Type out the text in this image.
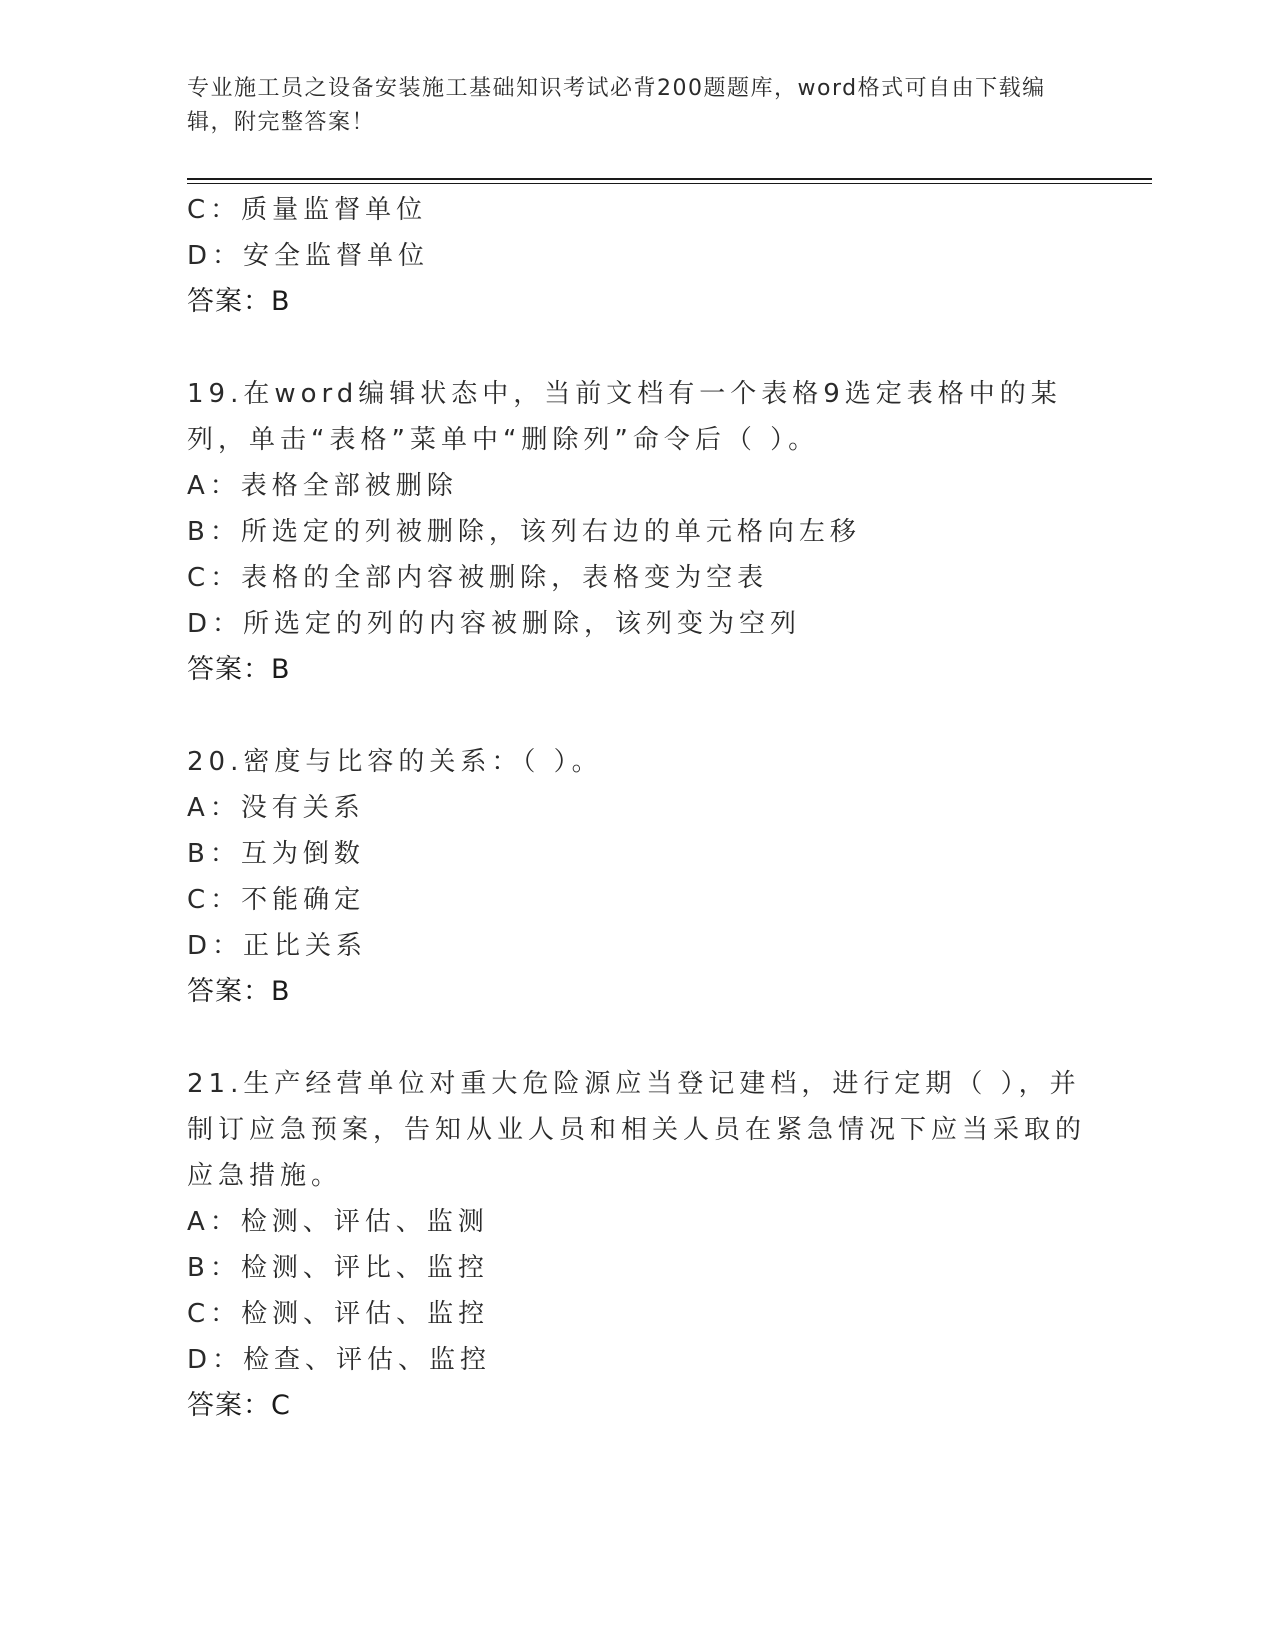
专业施工员之设备安装施工基础知识考试必背200题题库，word格式可自由下载编辑，附完整答案！
C：质量监督单位
D：安全监督单位
答案：B
19.在word编辑状态中，当前文档有一个表格9选定表格中的某列，单击“表格”菜单中“删除列”命令后（ ）。
A：表格全部被删除
B：所选定的列被删除，该列右边的单元格向左移
C：表格的全部内容被删除，表格变为空表
D：所选定的列的内容被删除，该列变为空列
答案：B
20.密度与比容的关系：（ ）。
A：没有关系
B：互为倒数
C：不能确定
D：正比关系
答案：B
21.生产经营单位对重大危险源应当登记建档，进行定期（ ），并制订应急预案，告知从业人员和相关人员在紧急情况下应当采取的应急措施。
A：检测、评估、监测
B：检测、评比、监控
C：检测、评估、监控
D：检查、评估、监控
答案：C
